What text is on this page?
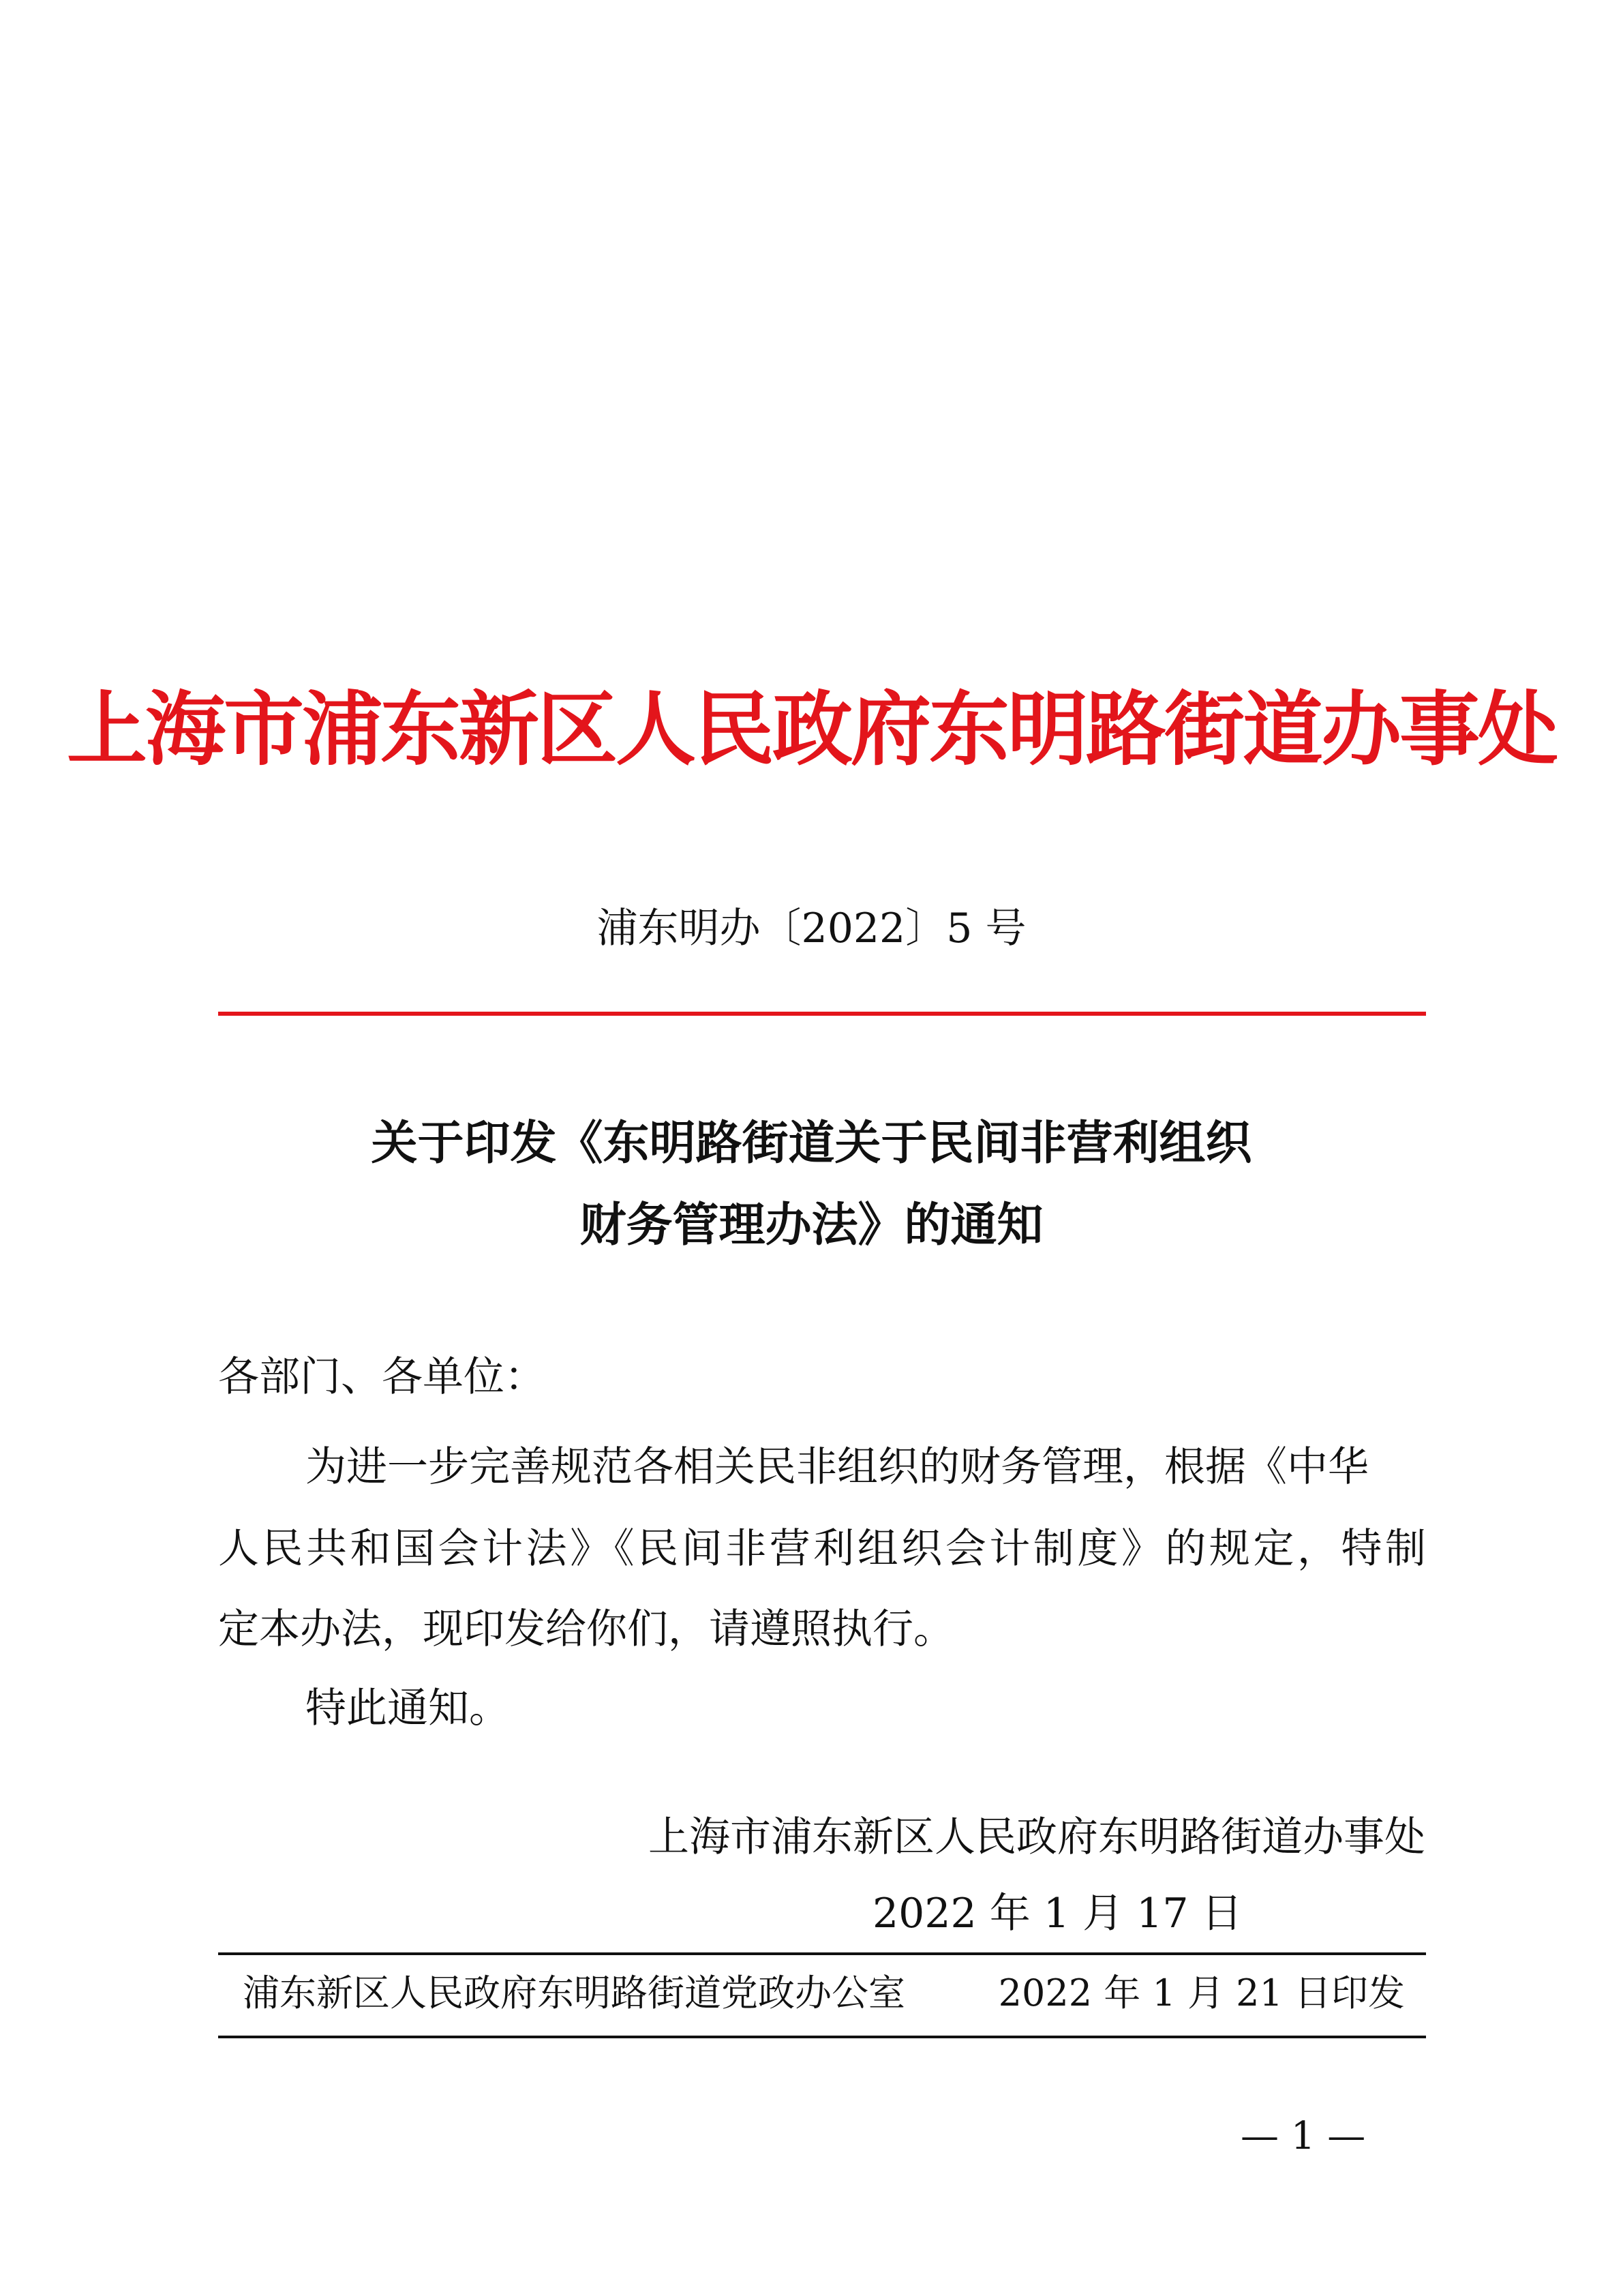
上海市浦东新区人民政府东明路街道办事处
浦东明办〔2022〕5 号
关于印发《东明路街道关于民间非营利组织
财务管理办法》的通知
各部门、各单位：
为进一步完善规范各相关民非组织的财务管理，根据《中华
人民共和国会计法》《民间非营利组织会计制度》的规定，特制
定本办法，现印发给你们，请遵照执行。
特此通知。
上海市浦东新区人民政府东明路街道办事处
2022 年 1 月 17 日
浦东新区人民政府东明路街道党政办公室	2022 年 1 月 21 日印发
— 1 —
